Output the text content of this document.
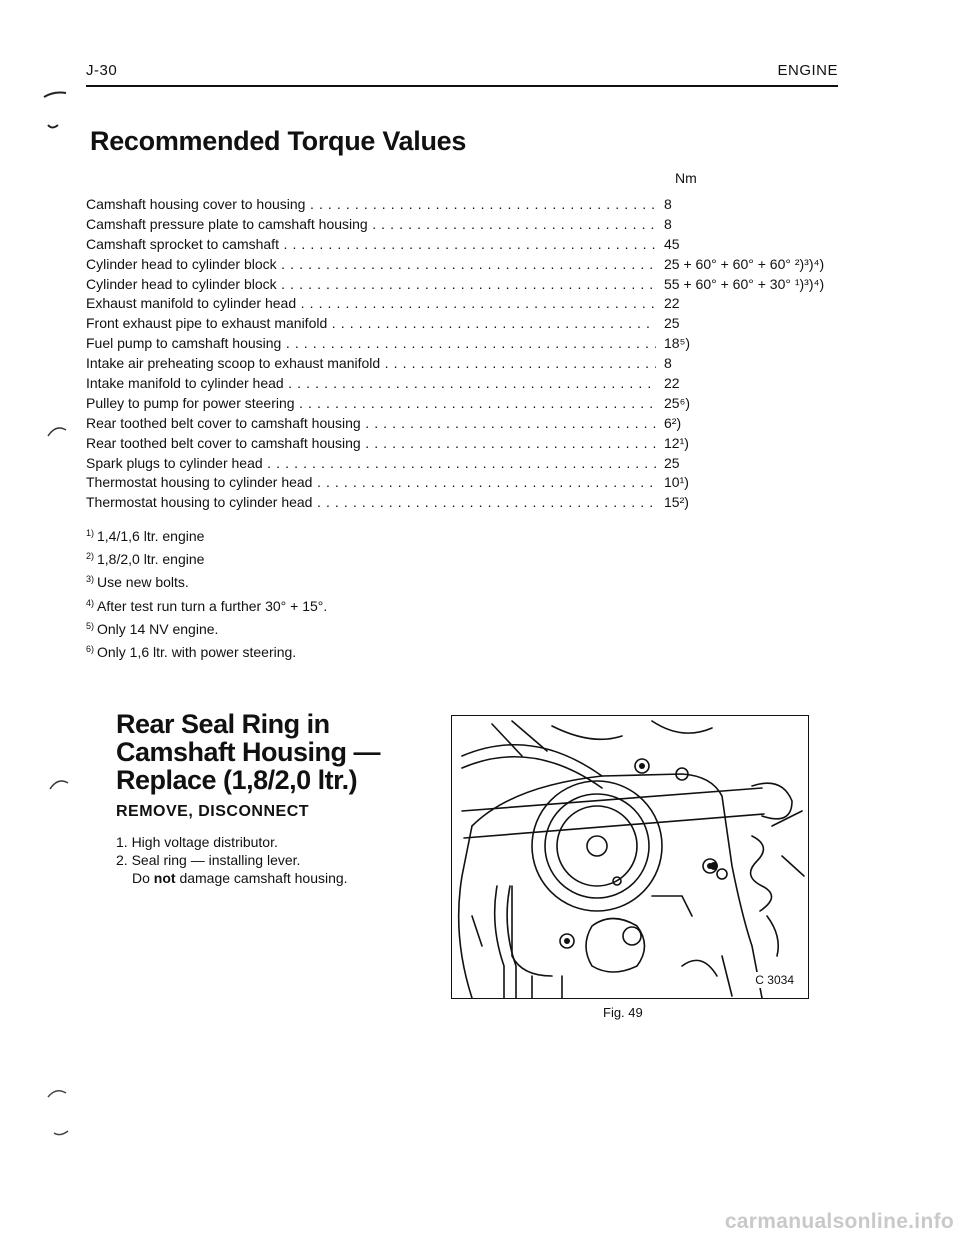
J-30	ENGINE
Recommended Torque Values
Nm
Camshaft housing cover to housing . . .	8
Camshaft pressure plate to camshaft housing . . .	8
Camshaft sprocket to camshaft . . .	45
Cylinder head to cylinder block . . .	25 + 60° + 60° + 60° ²)³)⁴)
Cylinder head to cylinder block . . .	55 + 60° + 60° + 30° ¹)³)⁴)
Exhaust manifold to cylinder head . . .	22
Front exhaust pipe to exhaust manifold . . .	25
Fuel pump to camshaft housing . . .	18⁵)
Intake air preheating scoop to exhaust manifold . . .	8
Intake manifold to cylinder head . . .	22
Pulley to pump for power steering . . .	25⁶)
Rear toothed belt cover to camshaft housing . . .	6²)
Rear toothed belt cover to camshaft housing . . .	12¹)
Spark plugs to cylinder head . . .	25
Thermostat housing to cylinder head . . .	10¹)
Thermostat housing to cylinder head . . .	15²)
1) 1,4/1,6 ltr. engine
2) 1,8/2,0 ltr. engine
3) Use new bolts.
4) After test run turn a further 30° + 15°.
5) Only 14 NV engine.
6) Only 1,6 ltr. with power steering.
Rear Seal Ring in
Camshaft Housing —
Replace (1,8/2,0 ltr.)
REMOVE, DISCONNECT
1. High voltage distributor.
2. Seal ring — installing lever.
Do not damage camshaft housing.
C 3034
Fig. 49
carmanualsonline.info
